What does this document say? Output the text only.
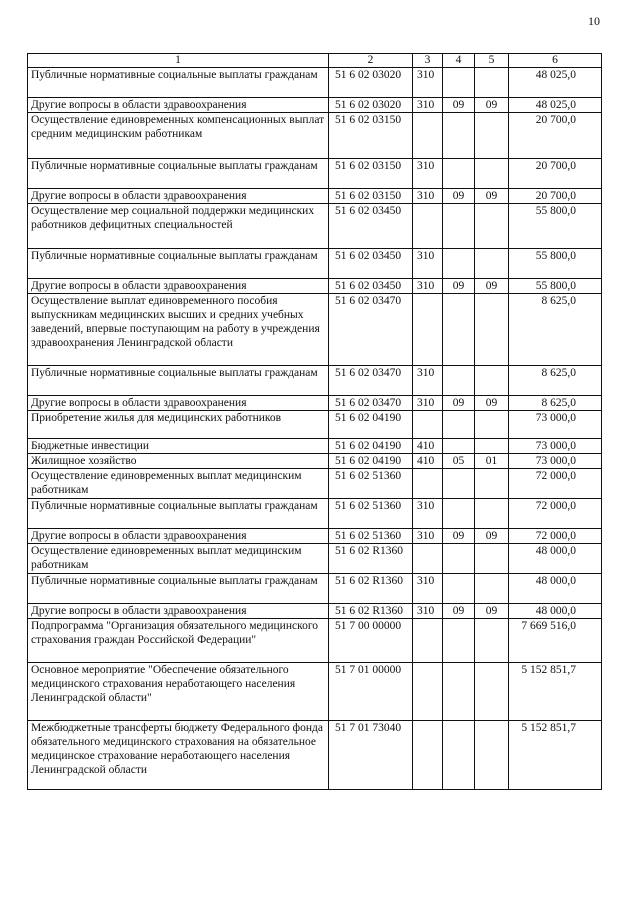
10
1	2	3	4	5	6
Публичные нормативные социальные выплаты гражданам	51 6 02 03020	310			48 025,0
Другие вопросы в области здравоохранения	51 6 02 03020	310	09	09	48 025,0
Осуществление единовременных компенсационных выплат средним медицинским работникам	51 6 02 03150				20 700,0
Публичные нормативные социальные выплаты гражданам	51 6 02 03150	310			20 700,0
Другие вопросы в области здравоохранения	51 6 02 03150	310	09	09	20 700,0
Осуществление мер социальной поддержки медицинских работников дефицитных специальностей	51 6 02 03450				55 800,0
Публичные нормативные социальные выплаты гражданам	51 6 02 03450	310			55 800,0
Другие вопросы в области здравоохранения	51 6 02 03450	310	09	09	55 800,0
Осуществление выплат единовременного пособия выпускникам медицинских высших и средних учебных заведений, впервые поступающим на работу в учреждения здравоохранения Ленинградской области	51 6 02 03470				8 625,0
Публичные нормативные социальные выплаты гражданам	51 6 02 03470	310			8 625,0
Другие вопросы в области здравоохранения	51 6 02 03470	310	09	09	8 625,0
Приобретение жилья для медицинских работников	51 6 02 04190				73 000,0
Бюджетные инвестиции	51 6 02 04190	410			73 000,0
Жилищное хозяйство	51 6 02 04190	410	05	01	73 000,0
Осуществление единовременных выплат медицинским работникам	51 6 02 51360				72 000,0
Публичные нормативные социальные выплаты гражданам	51 6 02 51360	310			72 000,0
Другие вопросы в области здравоохранения	51 6 02 51360	310	09	09	72 000,0
Осуществление единовременных выплат медицинским работникам	51 6 02 R1360				48 000,0
Публичные нормативные социальные выплаты гражданам	51 6 02 R1360	310			48 000,0
Другие вопросы в области здравоохранения	51 6 02 R1360	310	09	09	48 000,0
Подпрограмма "Организация обязательного медицинского страхования граждан Российской Федерации"	51 7 00 00000				7 669 516,0
Основное мероприятие "Обеспечение обязательного медицинского страхования неработающего населения Ленинградской области"	51 7 01 00000				5 152 851,7
Межбюджетные трансферты бюджету Федерального фонда обязательного медицинского страхования на обязательное медицинское страхование неработающего населения Ленинградской области	51 7 01 73040				5 152 851,7
